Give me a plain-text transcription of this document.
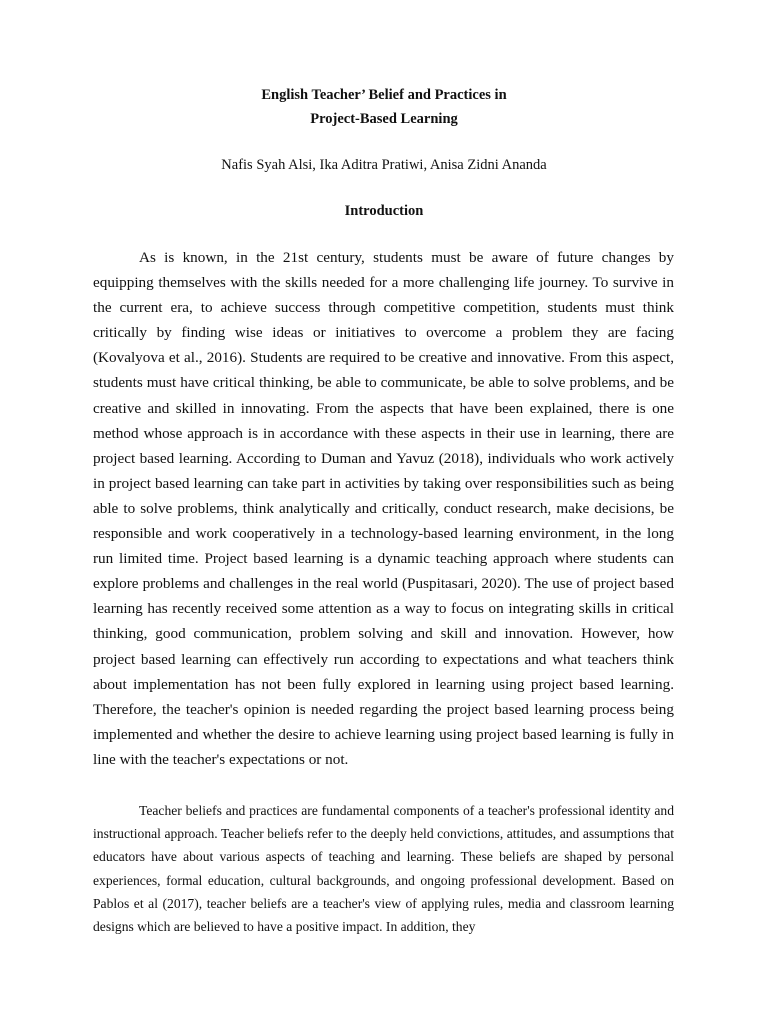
English Teacher’ Belief and Practices in
Project-Based Learning
Nafis Syah Alsi, Ika Aditra Pratiwi, Anisa Zidni Ananda
Introduction

As is known, in the 21st century, students must be aware of future changes by equipping themselves with the skills needed for a more challenging life journey. To survive in the current era, to achieve success through competitive competition, students must think critically by finding wise ideas or initiatives to overcome a problem they are facing (Kovalyova et al., 2016). Students are required to be creative and innovative. From this aspect, students must have critical thinking, be able to communicate, be able to solve problems, and be creative and skilled in innovating. From the aspects that have been explained, there is one method whose approach is in accordance with these aspects in their use in learning, there are project based learning. According to Duman and Yavuz (2018), individuals who work actively in project based learning can take part in activities by taking over responsibilities such as being able to solve problems, think analytically and critically, conduct research, make decisions, be responsible and work cooperatively in a technology-based learning environment, in the long run limited time. Project based learning is a dynamic teaching approach where students can explore problems and challenges in the real world (Puspitasari, 2020). The use of project based learning has recently received some attention as a way to focus on integrating skills in critical thinking, good communication, problem solving and skill and innovation. However, how project based learning can effectively run according to expectations and what teachers think about implementation has not been fully explored in learning using project based learning. Therefore, the teacher's opinion is needed regarding the project based learning process being implemented and whether the desire to achieve learning using project based learning is fully in line with the teacher's expectations or not.

Teacher beliefs and practices are fundamental components of a teacher's professional identity and instructional approach. Teacher beliefs refer to the deeply held convictions, attitudes, and assumptions that educators have about various aspects of teaching and learning. These beliefs are shaped by personal experiences, formal education, cultural backgrounds, and ongoing professional development. Based on Pablos et al (2017), teacher beliefs are a teacher's view of applying rules, media and classroom learning designs which are believed to have a positive impact. In addition, they
